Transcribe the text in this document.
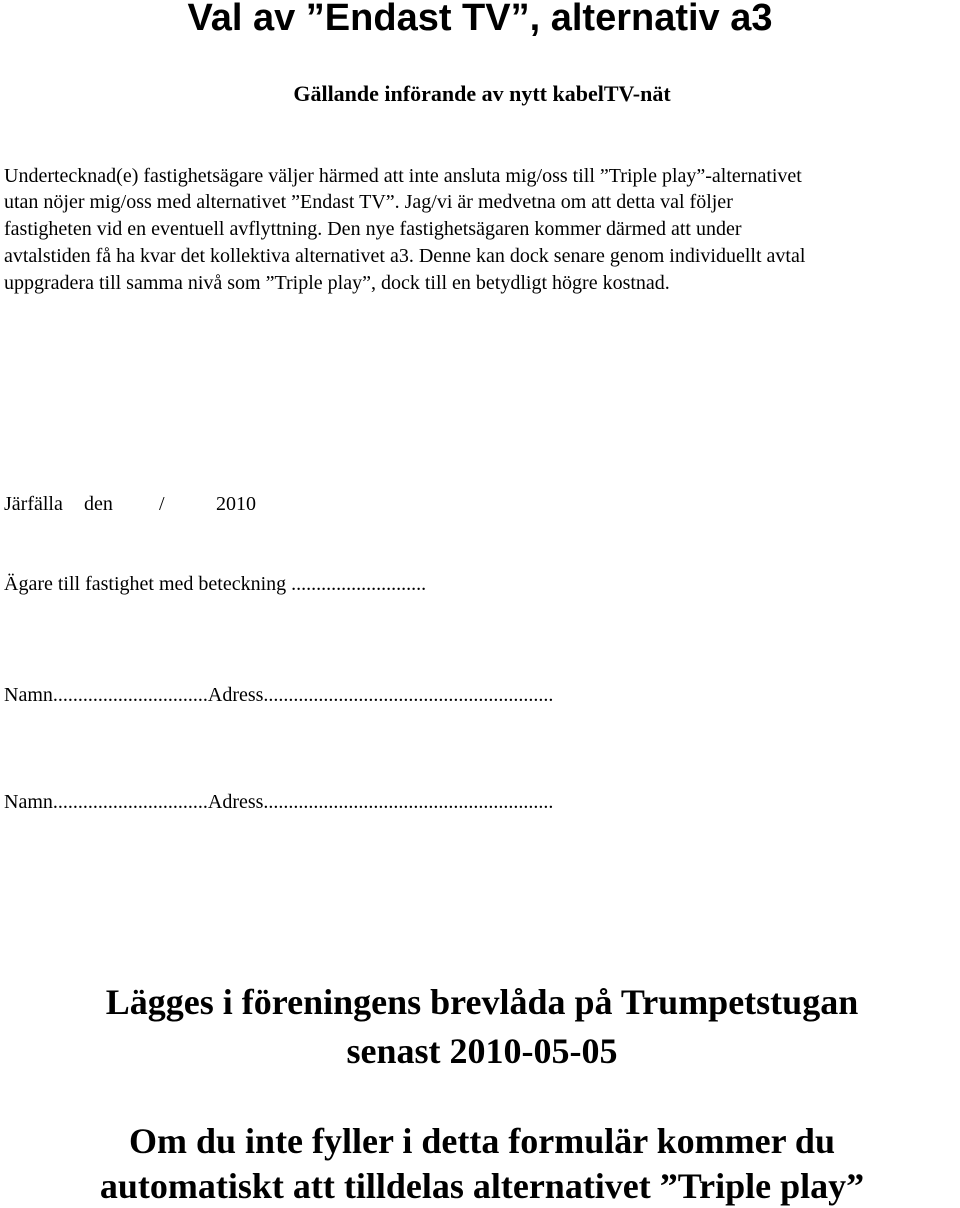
Val av ”Endast TV”, alternativ a3
Gällande införande av nytt kabelTV-nät
Undertecknad(e) fastighetsägare väljer härmed att inte ansluta mig/oss till ”Triple play”-alternativet
utan nöjer mig/oss med alternativet ”Endast TV”. Jag/vi är medvetna om att detta val följer
fastigheten vid en eventuell avflyttning. Den nye fastighetsägaren kommer därmed att under
avtalstiden få ha kvar det kollektiva alternativet a3. Denne kan dock senare genom individuellt avtal
uppgradera till samma nivå som ”Triple play”, dock till en betydligt högre kostnad.
Järfälla den /	2010
Ägare till fastighet med beteckning ...........................
Namn...............................Adress..........................................................
Namn...............................Adress..........................................................
Lägges i föreningens brevlåda på Trumpetstugan
senast 2010-05-05
Om du inte fyller i detta formulär kommer du
automatiskt att tilldelas alternativet ”Triple play”
